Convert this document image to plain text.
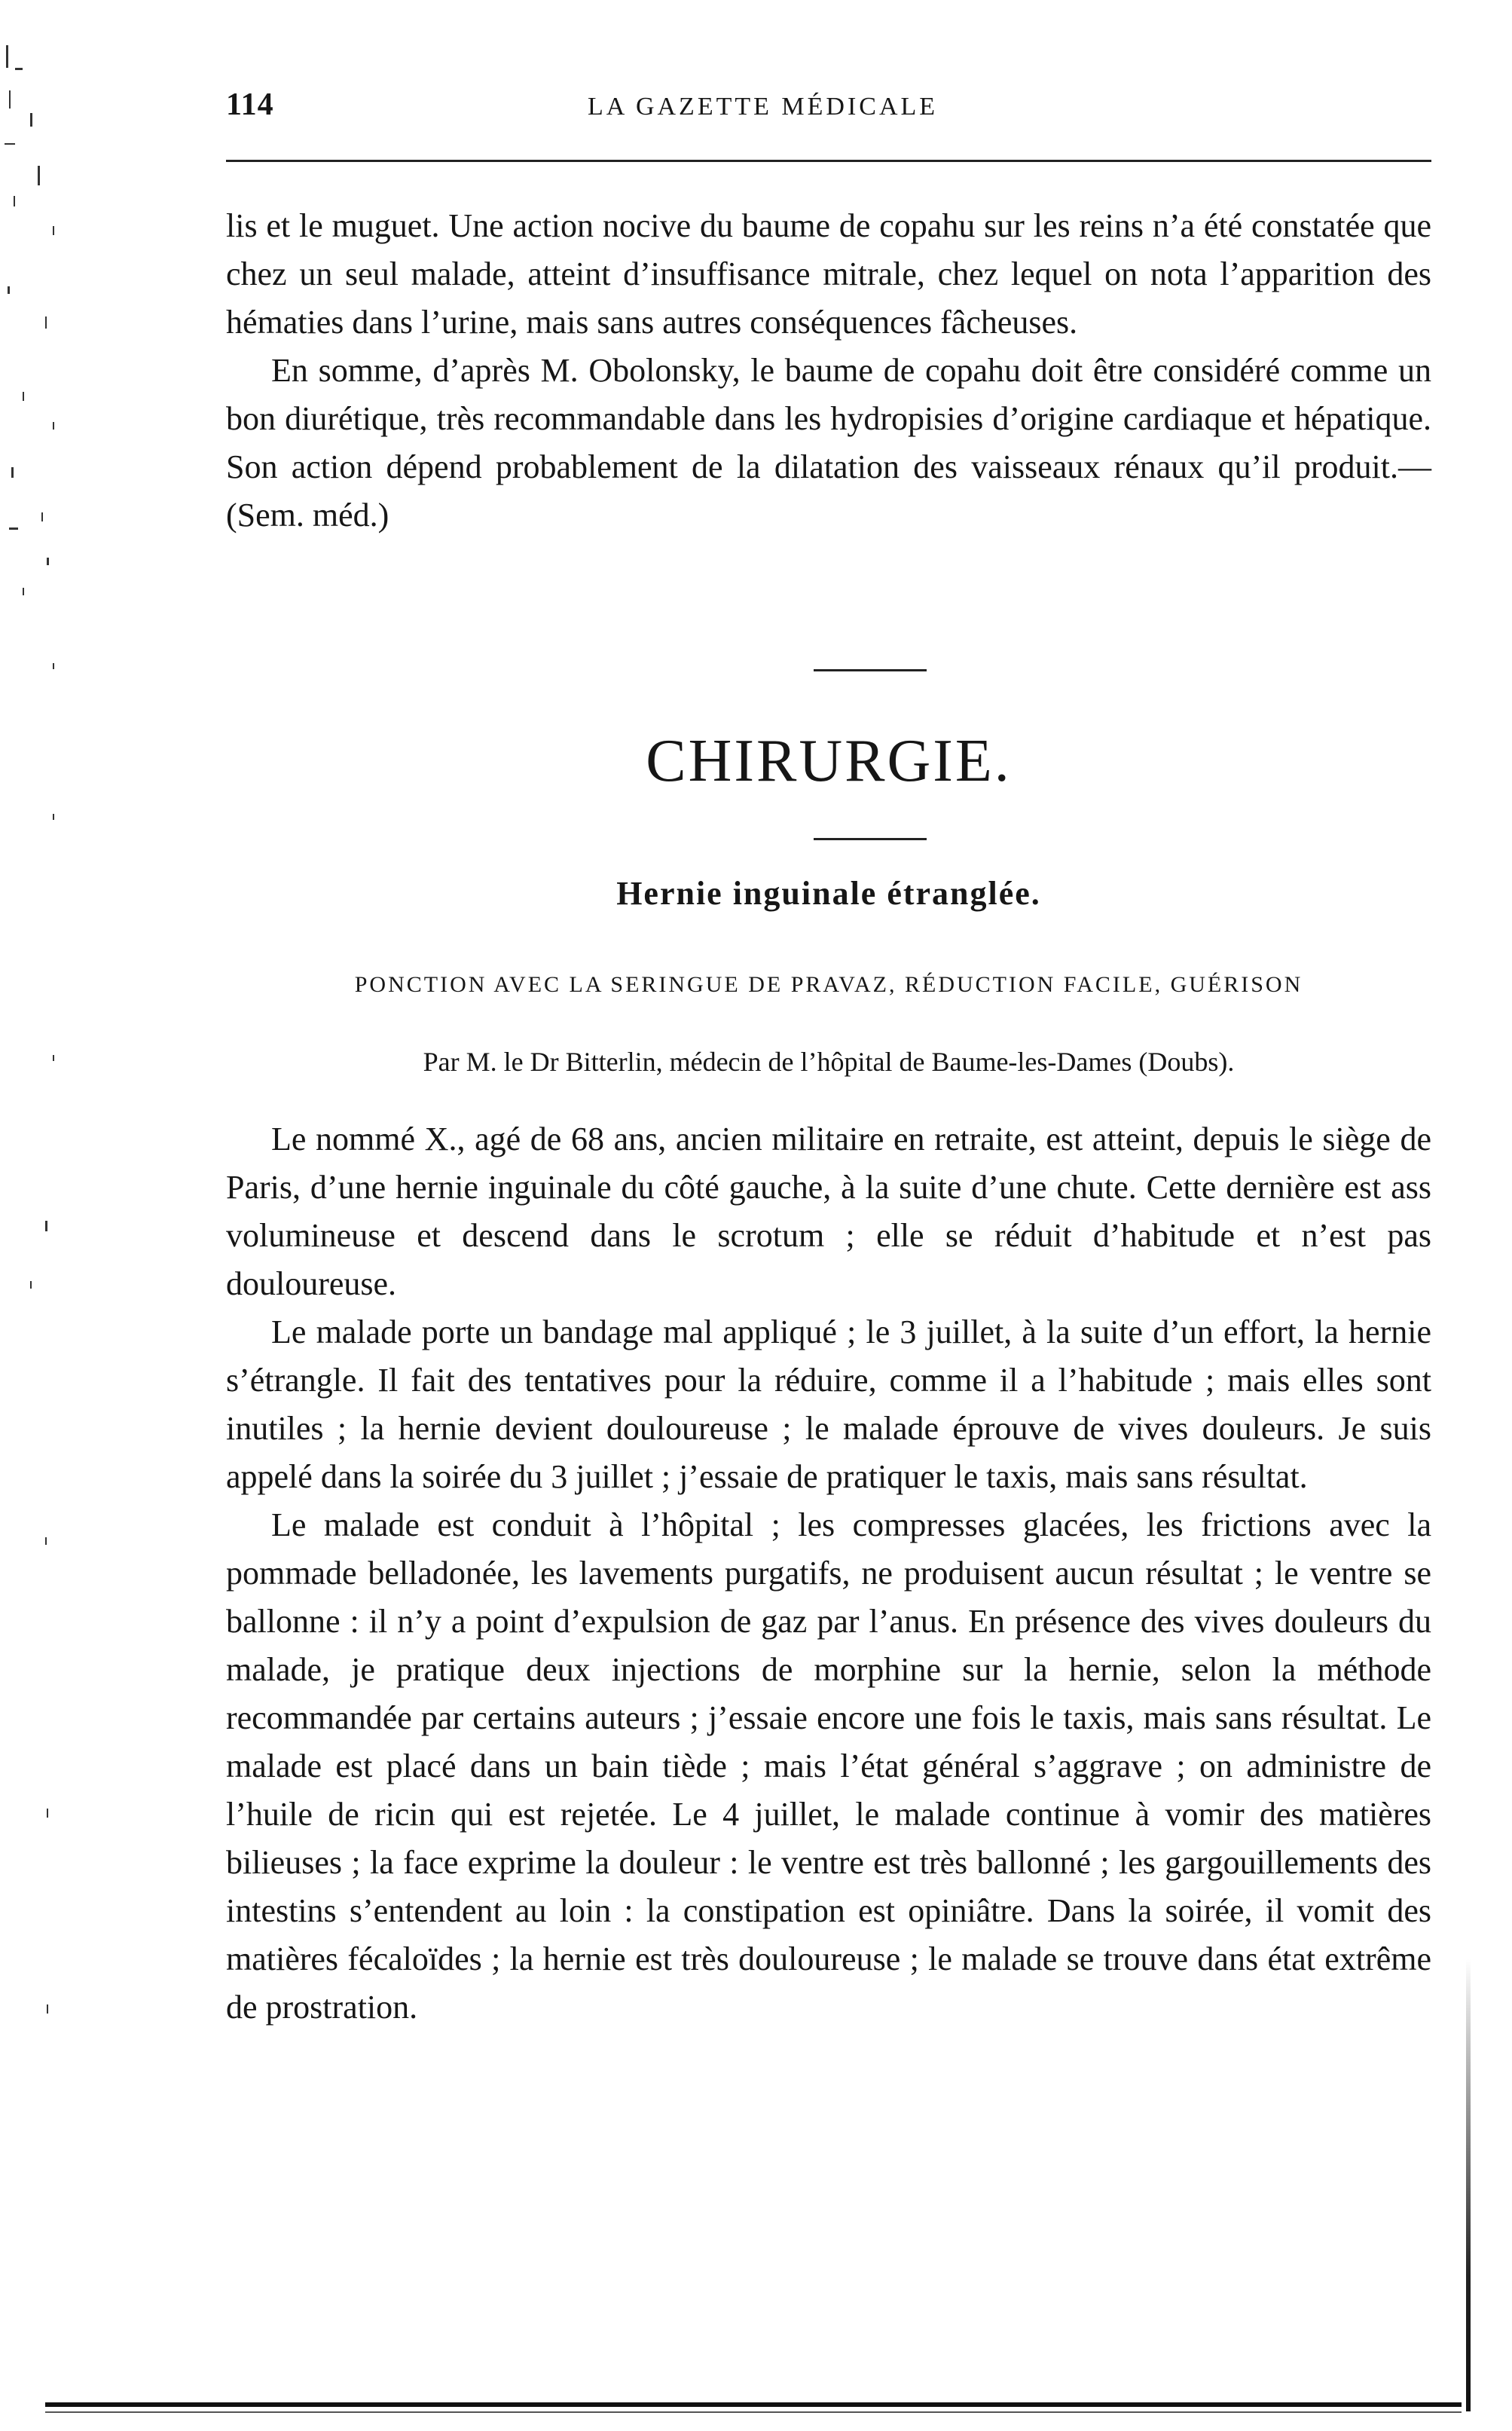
114	LA GAZETTE MÉDICALE

lis et le muguet. Une action nocive du baume de copahu sur les reins n’a été constatée que chez un seul malade, atteint d’insuffisance mitrale, chez lequel on nota l’apparition des hématies dans l’urine, mais sans autres conséquences fâcheuses.

En somme, d’après M. Obolonsky, le baume de copahu doit être considéré comme un bon diurétique, très recommandable dans les hydropisies d’origine cardiaque et hépatique. Son action dépend probablement de la dilatation des vaisseaux rénaux qu’il produit.—(Sem. méd.)

CHIRURGIE.
Hernie inguinale étranglée.
PONCTION AVEC LA SERINGUE DE PRAVAZ, RÉDUCTION FACILE, GUÉRISON
Par M. le Dr Bitterlin, médecin de l’hôpital de Baume-les-Dames (Doubs).

Le nommé X., agé de 68 ans, ancien militaire en retraite, est atteint, depuis le siège de Paris, d’une hernie inguinale du côté gauche, à la suite d’une chute. Cette dernière est ass volumineuse et descend dans le scrotum ; elle se réduit d’habitude et n’est pas douloureuse.

Le malade porte un bandage mal appliqué ; le 3 juillet, à la suite d’un effort, la hernie s’étrangle. Il fait des tentatives pour la réduire, comme il a l’habitude ; mais elles sont inutiles ; la hernie devient douloureuse ; le malade éprouve de vives douleurs. Je suis appelé dans la soirée du 3 juillet ; j’essaie de pratiquer le taxis, mais sans résultat.

Le malade est conduit à l’hôpital ; les compresses glacées, les frictions avec la pommade belladonée, les lavements purgatifs, ne produisent aucun résultat ; le ventre se ballonne : il n’y a point d’expulsion de gaz par l’anus. En présence des vives douleurs du malade, je pratique deux injections de morphine sur la hernie, selon la méthode recommandée par certains auteurs ; j’essaie encore une fois le taxis, mais sans résultat. Le malade est placé dans un bain tiède ; mais l’état général s’aggrave ; on administre de l’huile de ricin qui est rejetée. Le 4 juillet, le malade continue à vomir des matières bilieuses ; la face exprime la douleur : le ventre est très ballonné ; les gargouillements des intestins s’entendent au loin : la constipation est opiniâtre. Dans la soirée, il vomit des matières fécaloïdes ; la hernie est très douloureuse ; le malade se trouve dans état extrême de prostration.
